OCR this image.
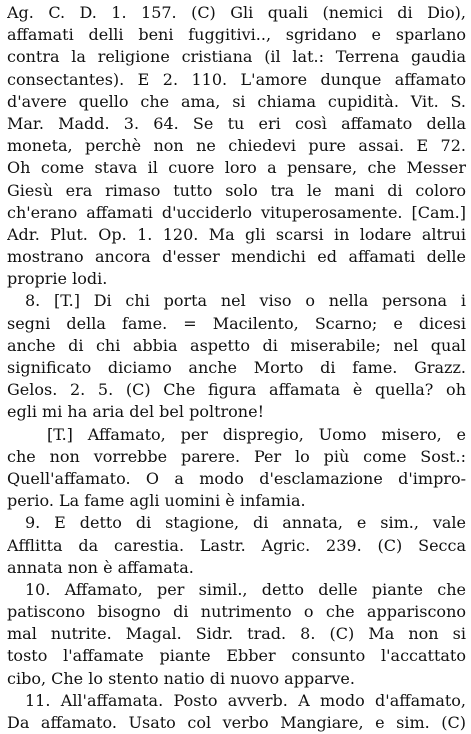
Ag. C. D. 1. 157. (C) Gli quali (nemici di Dio),
affamati delli beni fuggitivi.., sgridano e sparlano
contra la religione cristiana (il lat.: Terrena gaudia
consectantes). E 2. 110. L'amore dunque affamato
d'avere quello che ama, si chiama cupidità. Vit. S.
Mar. Madd. 3. 64. Se tu eri così affamato della
moneta, perchè non ne chiedevi pure assai. E 72.
Oh come stava il cuore loro a pensare, che Messer
Giesù era rimaso tutto solo tra le mani di coloro
ch'erano affamati d'ucciderlo vituperosamente. [Cam.]
Adr. Plut. Op. 1. 120. Ma gli scarsi in lodare altrui
mostrano ancora d'esser mendichi ed affamati delle
proprie lodi.
8. [T.] Di chi porta nel viso o nella persona i
segni della fame. = Macilento, Scarno; e dicesi
anche di chi abbia aspetto di miserabile; nel qual
significato diciamo anche Morto di fame. Grazz.
Gelos. 2. 5. (C) Che figura affamata è quella? oh
egli mi ha aria del bel poltrone!
[T.] Affamato, per dispregio, Uomo misero, e
che non vorrebbe parere. Per lo più come Sost.:
Quell'affamato. O a modo d'esclamazione d'impro-
perio. La fame agli uomini è infamia.
9. E detto di stagione, di annata, e sim., vale
Afflitta da carestia. Lastr. Agric. 239. (C) Secca
annata non è affamata.
10. Affamato, per simil., detto delle piante che
patiscono bisogno di nutrimento o che appariscono
mal nutrite. Magal. Sidr. trad. 8. (C) Ma non si
tosto l'affamate piante Ebber consunto l'accattato
cibo, Che lo stento natio di nuovo apparve.
11. All'affamata. Posto avverb. A modo d'affamato,
Da affamato. Usato col verbo Mangiare, e sim. (C)
